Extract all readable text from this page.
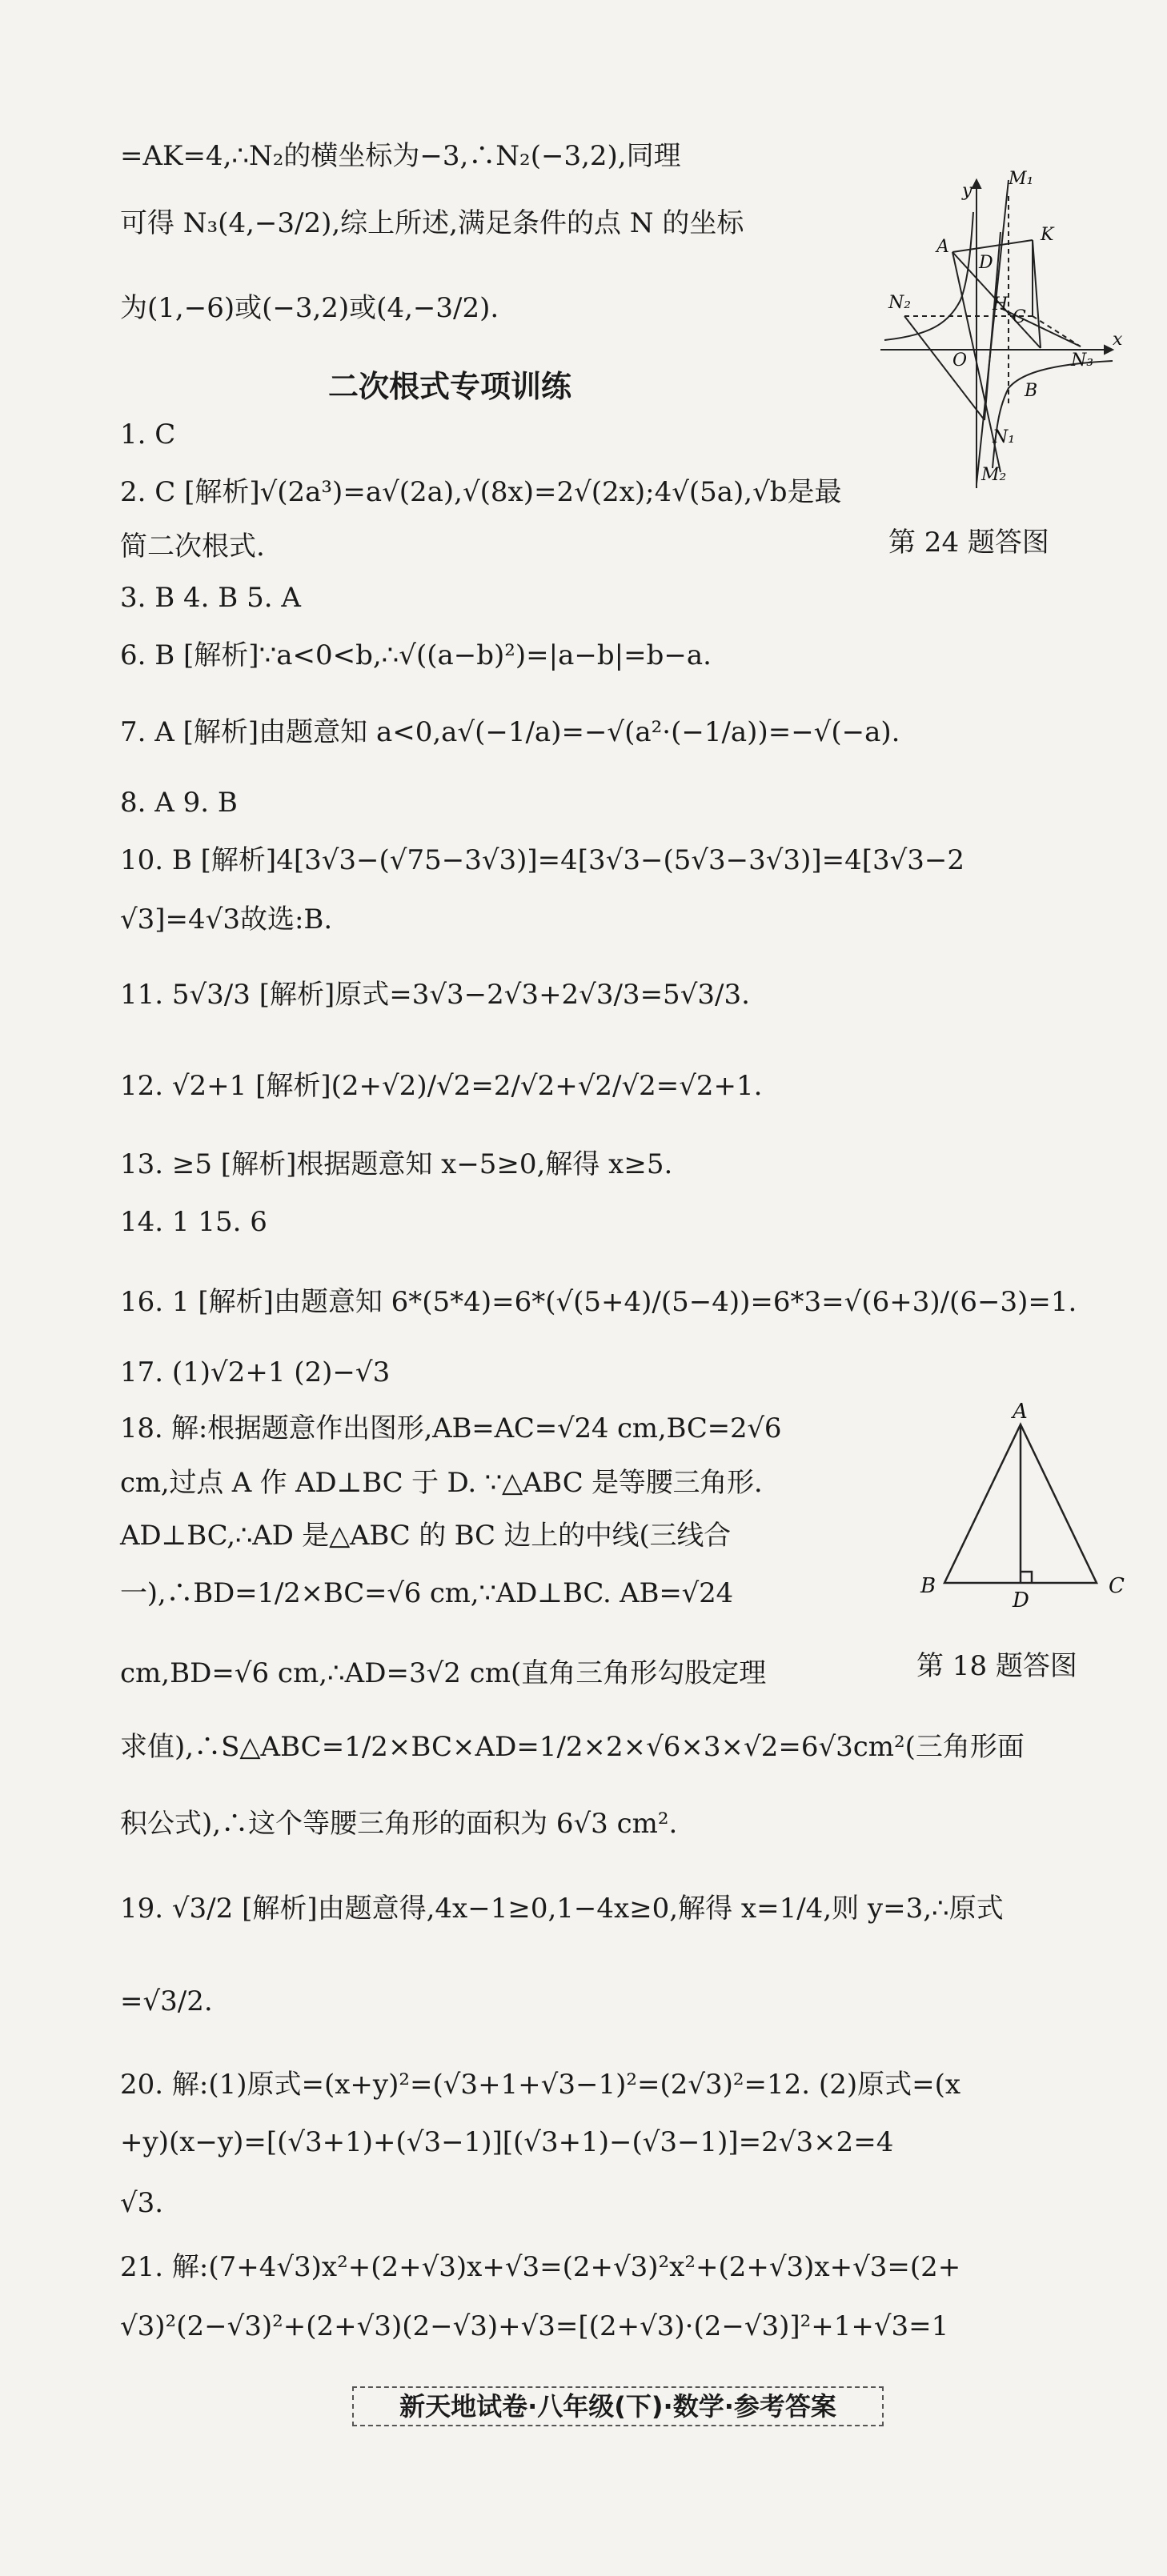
=AK=4,∴N₂的横坐标为−3,∴N₂(−3,2),同理
可得 N₃(4,−3/2),综上所述,满足条件的点 N 的坐标
为(1,−6)或(−3,2)或(4,−3/2).
二次根式专项训练
1. C
2. C [解析]√(2a³)=a√(2a),√(8x)=2√(2x);4√(5a),√b是最
简二次根式.
3. B 4. B 5. A
6. B [解析]∵a<0<b,∴√((a−b)²)=|a−b|=b−a.
7. A [解析]由题意知 a<0,a√(−1/a)=−√(a²·(−1/a))=−√(−a).
8. A 9. B
10. B [解析]4[3√3−(√75−3√3)]=4[3√3−(5√3−3√3)]=4[3√3−2
√3]=4√3故选:B.
11. 5√3/3 [解析]原式=3√3−2√3+2√3/3=5√3/3.
12. √2+1 [解析](2+√2)/√2=2/√2+√2/√2=√2+1.
13. ≥5 [解析]根据题意知 x−5≥0,解得 x≥5.
14. 1 15. 6
16. 1 [解析]由题意知 6*(5*4)=6*(√(5+4)/(5−4))=6*3=√(6+3)/(6−3)=1.
17. (1)√2+1 (2)−√3
18. 解:根据题意作出图形,AB=AC=√24 cm,BC=2√6
cm,过点 A 作 AD⊥BC 于 D. ∵△ABC 是等腰三角形.
AD⊥BC,∴AD 是△ABC 的 BC 边上的中线(三线合
一),∴BD=1/2×BC=√6 cm,∵AD⊥BC. AB=√24
cm,BD=√6 cm,∴AD=3√2 cm(直角三角形勾股定理
求值),∴S△ABC=1/2×BC×AD=1/2×2×√6×3×√2=6√3cm²(三角形面
积公式),∴这个等腰三角形的面积为 6√3 cm².
19. √3/2 [解析]由题意得,4x−1≥0,1−4x≥0,解得 x=1/4,则 y=3,∴原式
=√3/2.
20. 解:(1)原式=(x+y)²=(√3+1+√3−1)²=(2√3)²=12. (2)原式=(x
+y)(x−y)=[(√3+1)+(√3−1)][(√3+1)−(√3−1)]=2√3×2=4
√3.
21. 解:(7+4√3)x²+(2+√3)x+√3=(2+√3)²x²+(2+√3)x+√3=(2+
√3)²(2−√3)²+(2+√3)(2−√3)+√3=[(2+√3)·(2−√3)]²+1+√3=1
y
x
O
M₁
M₂
A
K
D
N₂	H
C
N₃
B
N₁
第 24 题答图
A
B	C
D
第 18 题答图
新天地试卷·八年级(下)·数学·参考答案
